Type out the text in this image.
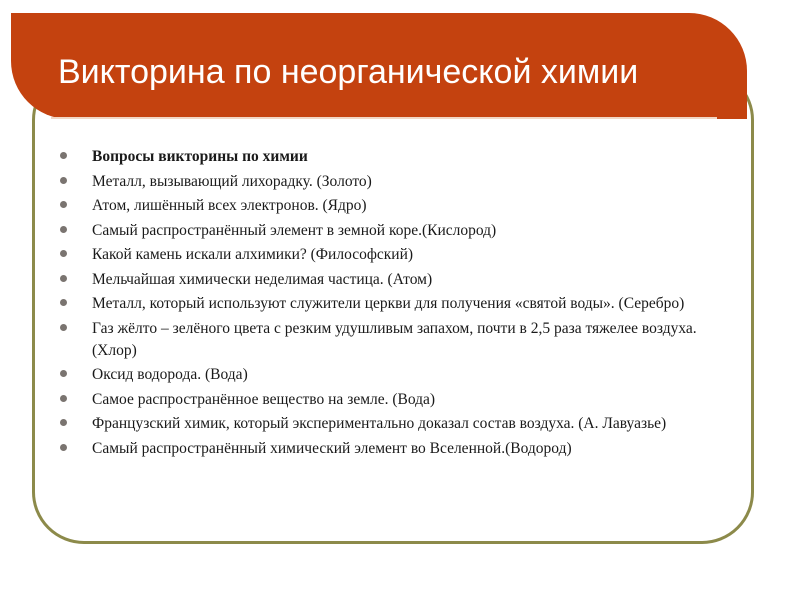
Викторина по неорганической химии
Вопросы викторины по химии
Металл, вызывающий лихорадку. (Золото)
Атом, лишённый всех электронов. (Ядро)
Самый распространённый элемент в земной коре.(Кислород)
Какой камень искали алхимики? (Философский)
Мельчайшая химически неделимая частица. (Атом)
Металл, который используют служители церкви для получения «святой воды». (Серебро)
Газ жёлто – зелёного цвета с резким удушливым запахом, почти в 2,5 раза тяжелее воздуха. (Хлор)
Оксид водорода. (Вода)
Самое распространённое вещество на земле. (Вода)
Французский химик, который экспериментально доказал состав воздуха. (А. Лавуазье)
Самый распространённый химический элемент во Вселенной.(Водород)
